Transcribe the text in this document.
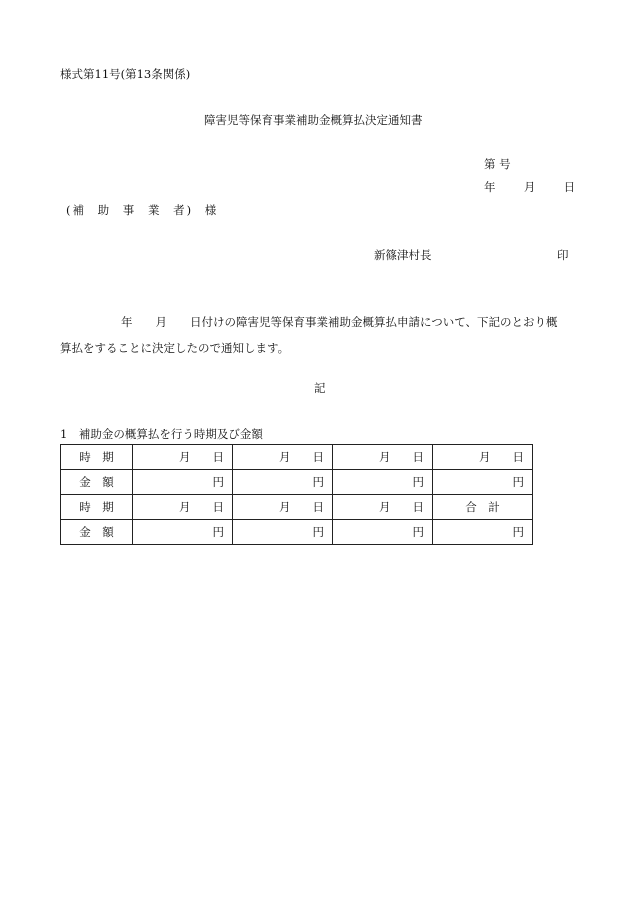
様式第11号(第13条関係)
障害児等保育事業補助金概算払決定通知書
第 号
年 月 日
(補 助 事 業 者) 様
新篠津村長	印
年 月 日付けの障害児等保育事業補助金概算払申請について、下記のとおり概
算払をすることに決定したので通知します。
記
1　補助金の概算払を行う時期及び金額
時　期	月 日	月 日	月 日	月 日
金　額	円	円	円	円
時　期	月 日	月 日	月 日	合　計
金　額	円	円	円	円
